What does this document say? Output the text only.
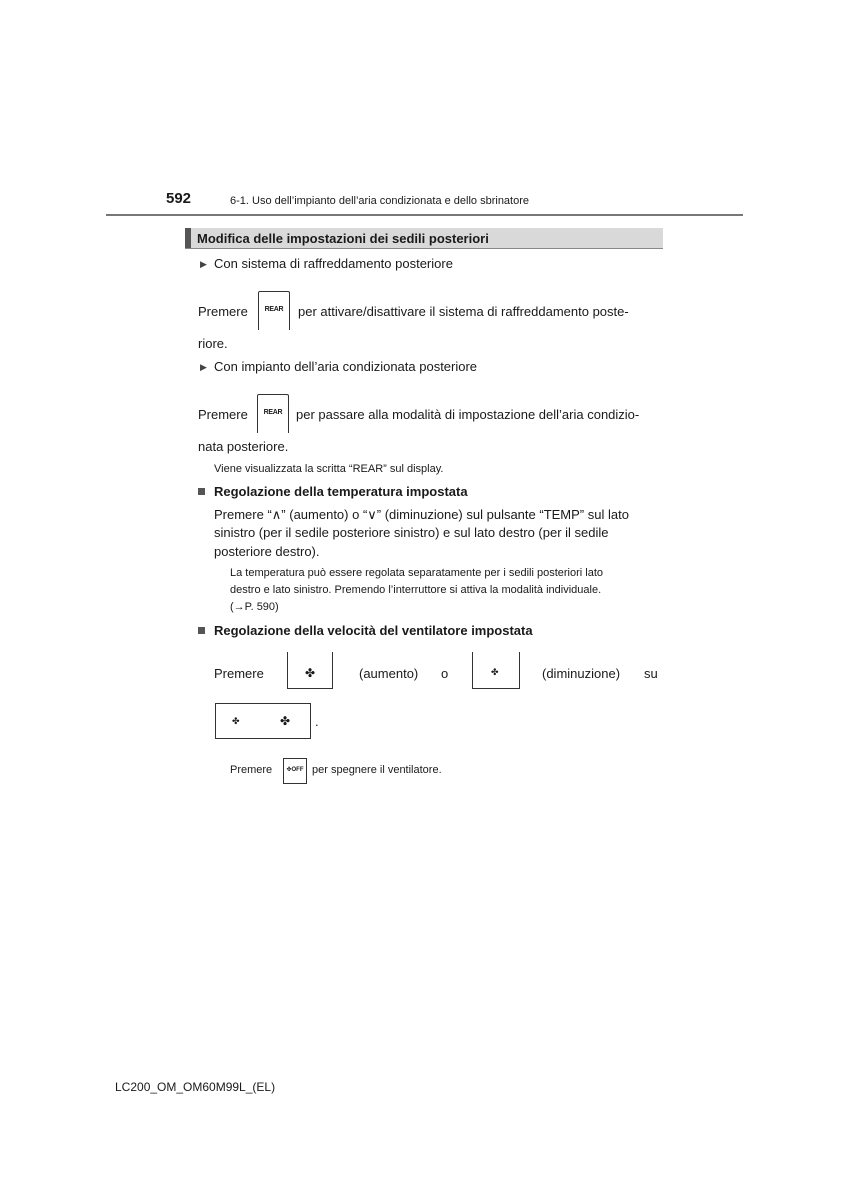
592	6-1. Uso dell’impianto dell’aria condizionata e dello sbrinatore
Modifica delle impostazioni dei sedili posteriori
▶ Con sistema di raffreddamento posteriore
Premere	REAR	per attivare/disattivare il sistema di raffreddamento poste-
riore.
▶ Con impianto dell’aria condizionata posteriore
Premere	REAR	per passare alla modalità di impostazione dell’aria condizio-
nata posteriore.
Viene visualizzata la scritta “REAR” sul display.
Regolazione della temperatura impostata
Premere “∧” (aumento) o “∨” (diminuzione) sul pulsante “TEMP” sul lato
sinistro (per il sedile posteriore sinistro) e sul lato destro (per il sedile
posteriore destro).
La temperatura può essere regolata separatamente per i sedili posteriori lato
destro e lato sinistro. Premendo l’interruttore si attiva la modalità individuale.
(→P. 590)
Regolazione della velocità del ventilatore impostata
Premere	✤	(aumento) o	✤	(diminuzione) su
✤	✤ .
Premere	✤OFF per spegnere il ventilatore.
LC200_OM_OM60M99L_(EL)
